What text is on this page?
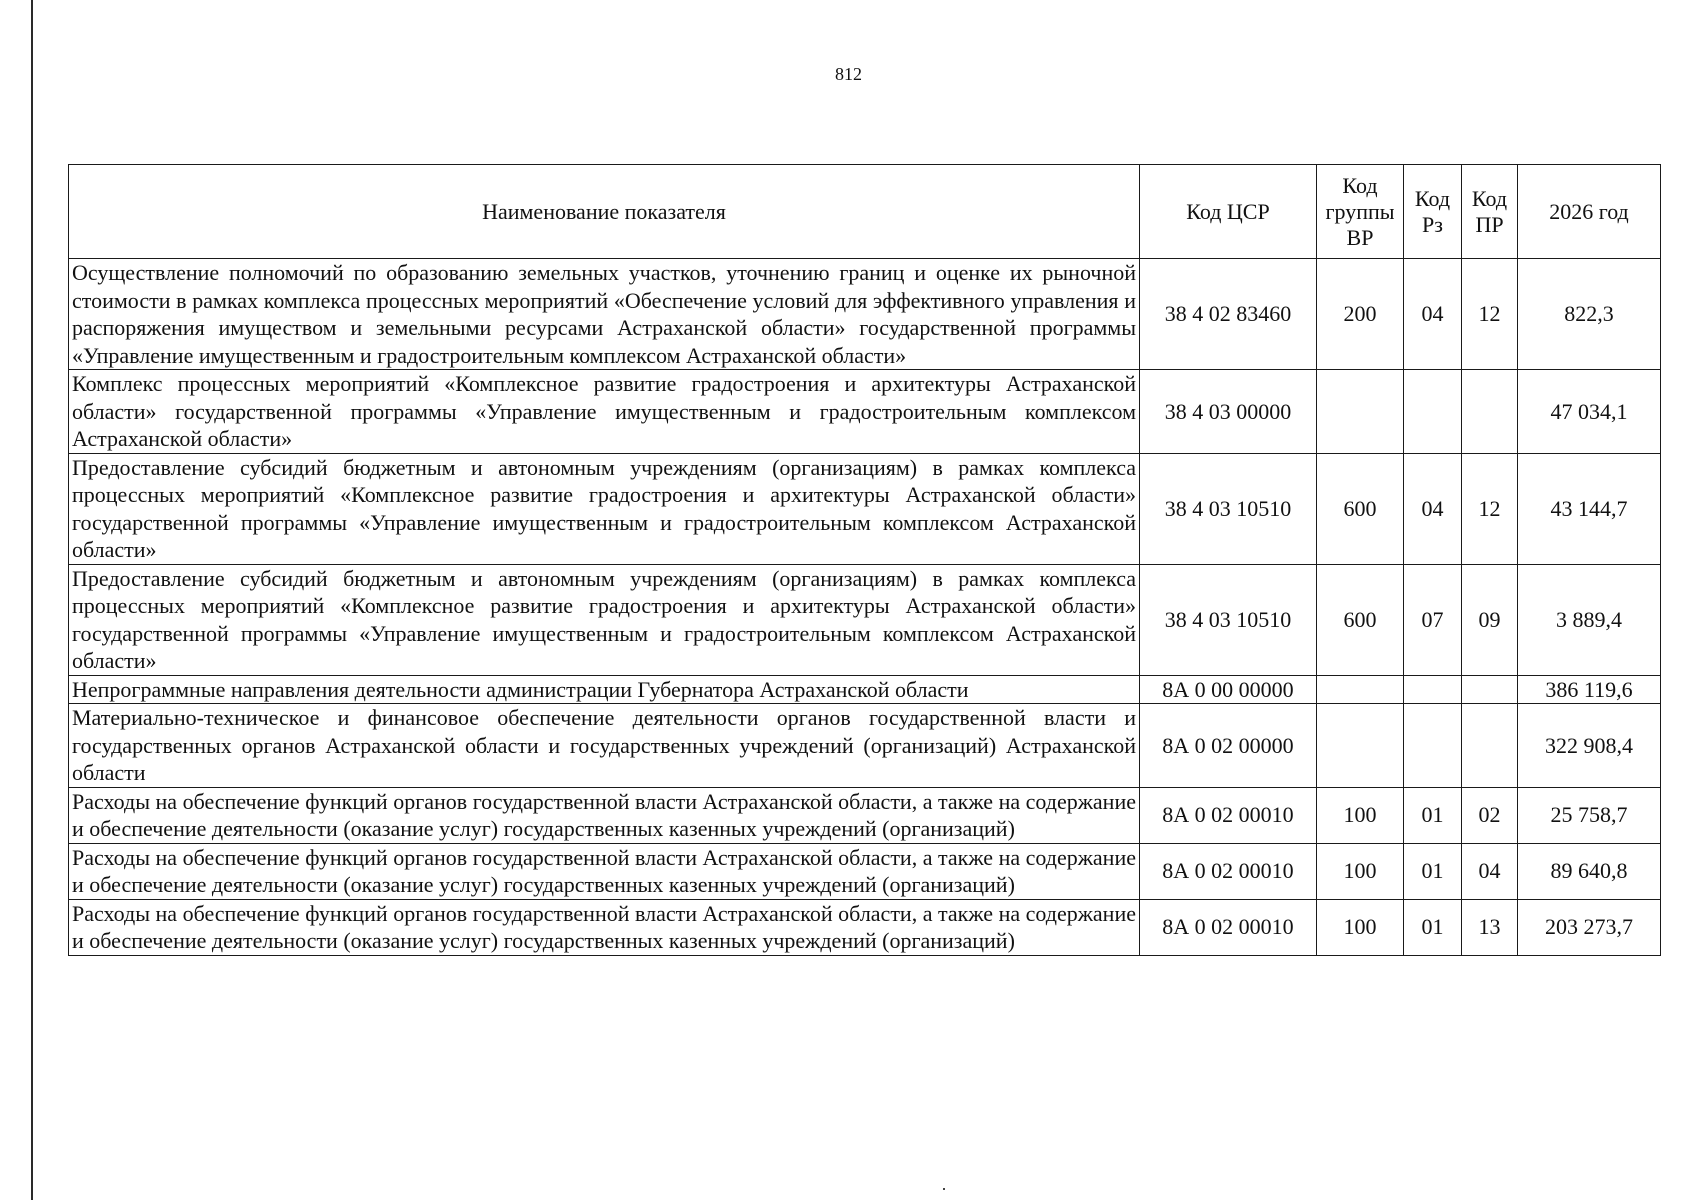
812
Наименование показателя	Код ЦСР	Код группы ВР	Код Рз	Код ПР	2026 год
Осуществление полномочий по образованию земельных участков, уточнению границ и оценке их рыночной стоимости в рамках комплекса процессных мероприятий «Обеспечение условий для эффективного управления и распоряжения имуществом и земельными ресурсами Астраханской области» государственной программы «Управление имущественным и градостроительным комплексом Астраханской области»	38 4 02 83460	200	04	12	822,3
Комплекс процессных мероприятий «Комплексное развитие градостроения и архитектуры Астраханской области» государственной программы «Управление имущественным и градостроительным комплексом Астраханской области»	38 4 03 00000				47 034,1
Предоставление субсидий бюджетным и автономным учреждениям (организациям) в рамках комплекса процессных мероприятий «Комплексное развитие градостроения и архитектуры Астраханской области» государственной программы «Управление имущественным и градостроительным комплексом Астраханской области»	38 4 03 10510	600	04	12	43 144,7
Предоставление субсидий бюджетным и автономным учреждениям (организациям) в рамках комплекса процессных мероприятий «Комплексное развитие градостроения и архитектуры Астраханской области» государственной программы «Управление имущественным и градостроительным комплексом Астраханской области»	38 4 03 10510	600	07	09	3 889,4
Непрограммные направления деятельности администрации Губернатора Астраханской области	8А 0 00 00000				386 119,6
Материально-техническое и финансовое обеспечение деятельности органов государственной власти и государственных органов Астраханской области и государственных учреждений (организаций) Астраханской области	8А 0 02 00000				322 908,4
Расходы на обеспечение функций органов государственной власти Астраханской области, а также на содержание и обеспечение деятельности (оказание услуг) государственных казенных учреждений (организаций)	8А 0 02 00010	100	01	02	25 758,7
Расходы на обеспечение функций органов государственной власти Астраханской области, а также на содержание и обеспечение деятельности (оказание услуг) государственных казенных учреждений (организаций)	8А 0 02 00010	100	01	04	89 640,8
Расходы на обеспечение функций органов государственной власти Астраханской области, а также на содержание и обеспечение деятельности (оказание услуг) государственных казенных учреждений (организаций)	8А 0 02 00010	100	01	13	203 273,7
